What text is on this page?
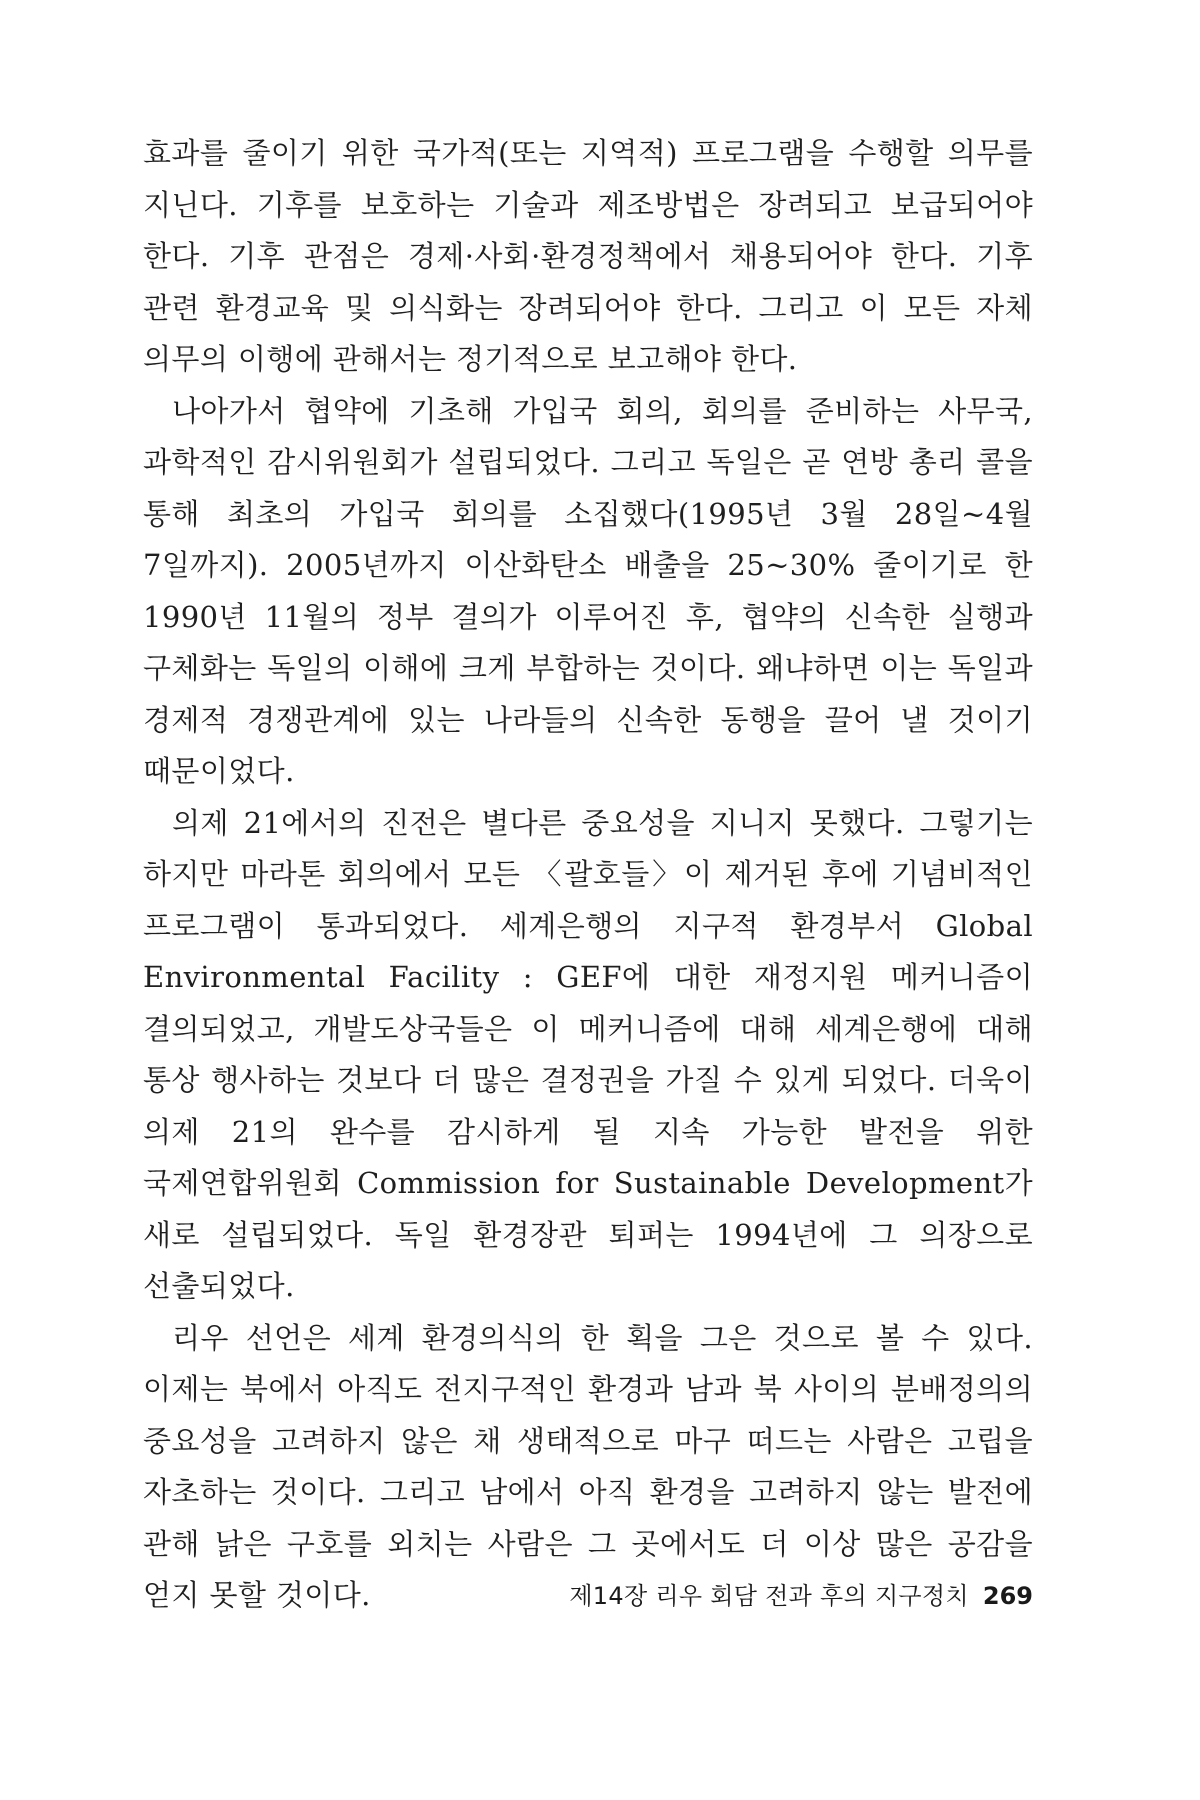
효과를 줄이기 위한 국가적(또는 지역적) 프로그램을 수행할 의무를 지닌다. 기후를 보호하는 기술과 제조방법은 장려되고 보급되어야 한다. 기후 관점은 경제·사회·환경정책에서 채용되어야 한다. 기후 관련 환경교육 및 의식화는 장려되어야 한다. 그리고 이 모든 자체 의무의 이행에 관해서는 정기적으로 보고해야 한다.

나아가서 협약에 기초해 가입국 회의, 회의를 준비하는 사무국, 과학적인 감시위원회가 설립되었다. 그리고 독일은 곧 연방 총리 콜을 통해 최초의 가입국 회의를 소집했다(1995년 3월 28일~4월 7일까지). 2005년까지 이산화탄소 배출을 25~30% 줄이기로 한 1990년 11월의 정부 결의가 이루어진 후, 협약의 신속한 실행과 구체화는 독일의 이해에 크게 부합하는 것이다. 왜냐하면 이는 독일과 경제적 경쟁관계에 있는 나라들의 신속한 동행을 끌어 낼 것이기 때문이었다.

의제 21에서의 진전은 별다른 중요성을 지니지 못했다. 그렇기는 하지만 마라톤 회의에서 모든 〈괄호들〉이 제거된 후에 기념비적인 프로그램이 통과되었다. 세계은행의 지구적 환경부서 Global Environmental Facility : GEF에 대한 재정지원 메커니즘이 결의되었고, 개발도상국들은 이 메커니즘에 대해 세계은행에 대해 통상 행사하는 것보다 더 많은 결정권을 가질 수 있게 되었다. 더욱이 의제 21의 완수를 감시하게 될 지속 가능한 발전을 위한 국제연합위원회 Commission for Sustainable Development가 새로 설립되었다. 독일 환경장관 퇴퍼는 1994년에 그 의장으로 선출되었다.

리우 선언은 세계 환경의식의 한 획을 그은 것으로 볼 수 있다. 이제는 북에서 아직도 전지구적인 환경과 남과 북 사이의 분배정의의 중요성을 고려하지 않은 채 생태적으로 마구 떠드는 사람은 고립을 자초하는 것이다. 그리고 남에서 아직 환경을 고려하지 않는 발전에 관해 낡은 구호를 외치는 사람은 그 곳에서도 더 이상 많은 공감을 얻지 못할 것이다.	제14장 리우 회담 전과 후의 지구정치 269
